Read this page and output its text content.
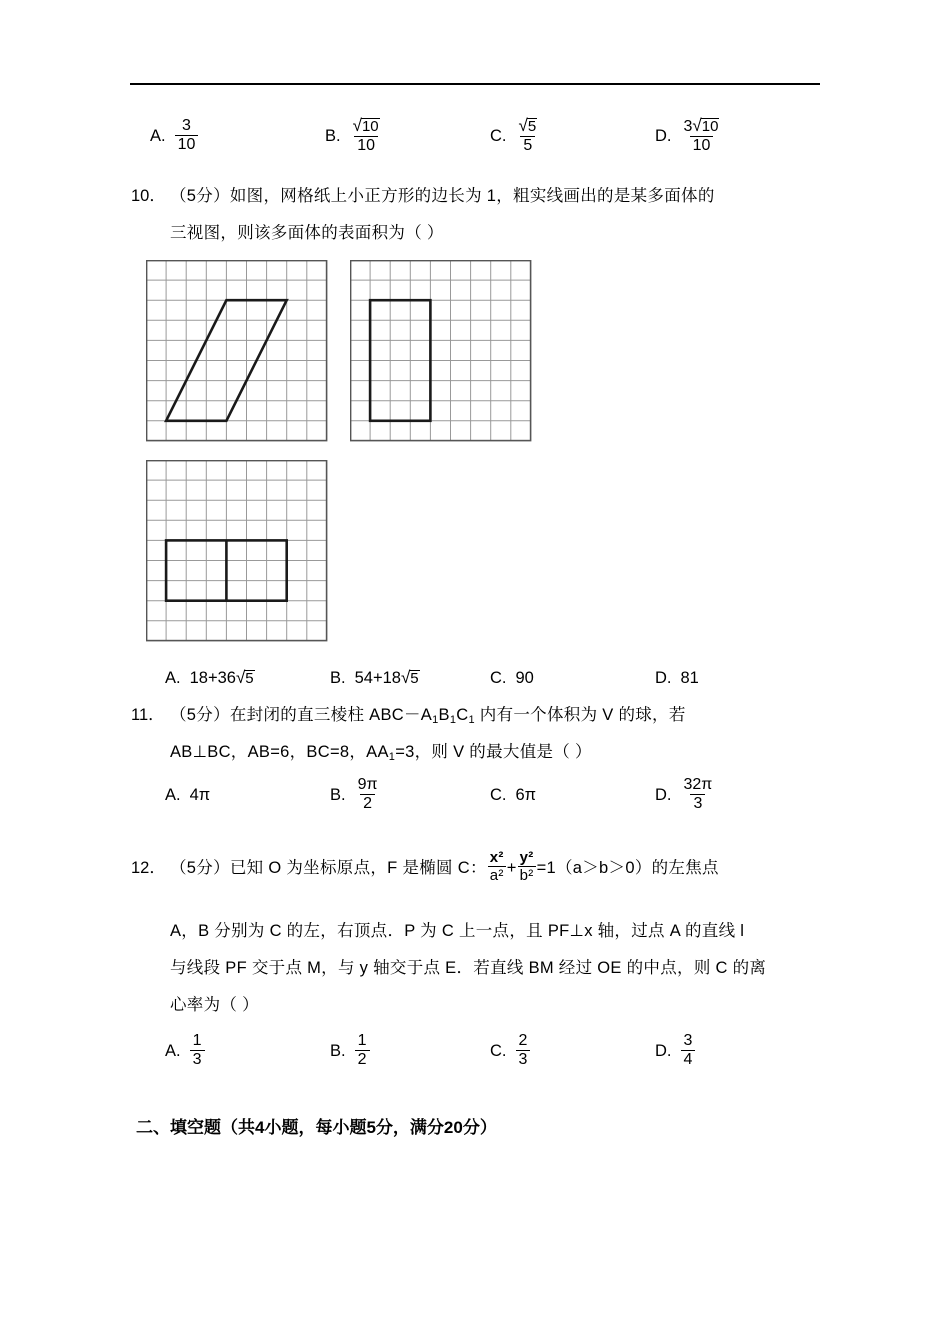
A. $\frac{3}{10}$	B. $\frac{√ 10}{10}$	C. $\frac{√ 5}{5}$	D. $\frac{3 √ 10}{10}$
10． （5分）如图，网格纸上小正方形的边长为 1，粗实线画出的是某多面体的
三视图，则该多面体的表面积为（ ）
A. 18+36 √ 5	B. 54+18 √ 5	C. 90	D. 81
11． （5分）在封闭的直三棱柱 $ABC-A_1B_1C_1$ 内有一个体积为 V 的球，若
AB⊥BC，AB=6，BC=8，$AA_1=3$，则 V 的最大值是（ ）
A. 4π	B. $\frac{9\pi}{2}$	C. 6π	D. $\frac{32\pi}{3}$
12． （5分）已知 O 为坐标原点，F 是椭圆 C： $\frac{\text{x²}}{\text{a²}} + \frac{\text{y²}}{\text{b²}} =1$ （a＞b＞0）的左焦点
A，B 分别为 C 的左，右顶点．P 为 C 上一点，且 PF⊥x 轴，过点 A 的直线 l
与线段 PF 交于点 M，与 y 轴交于点 E．若直线 BM 经过 OE 的中点，则 C 的离
心率为（ ）
A. $\frac{1}{3}$	B. $\frac{1}{2}$	C. $\frac{2}{3}$	D. $\frac{3}{4}$
二、填空题（共4小题，每小题5分，满分20分）
